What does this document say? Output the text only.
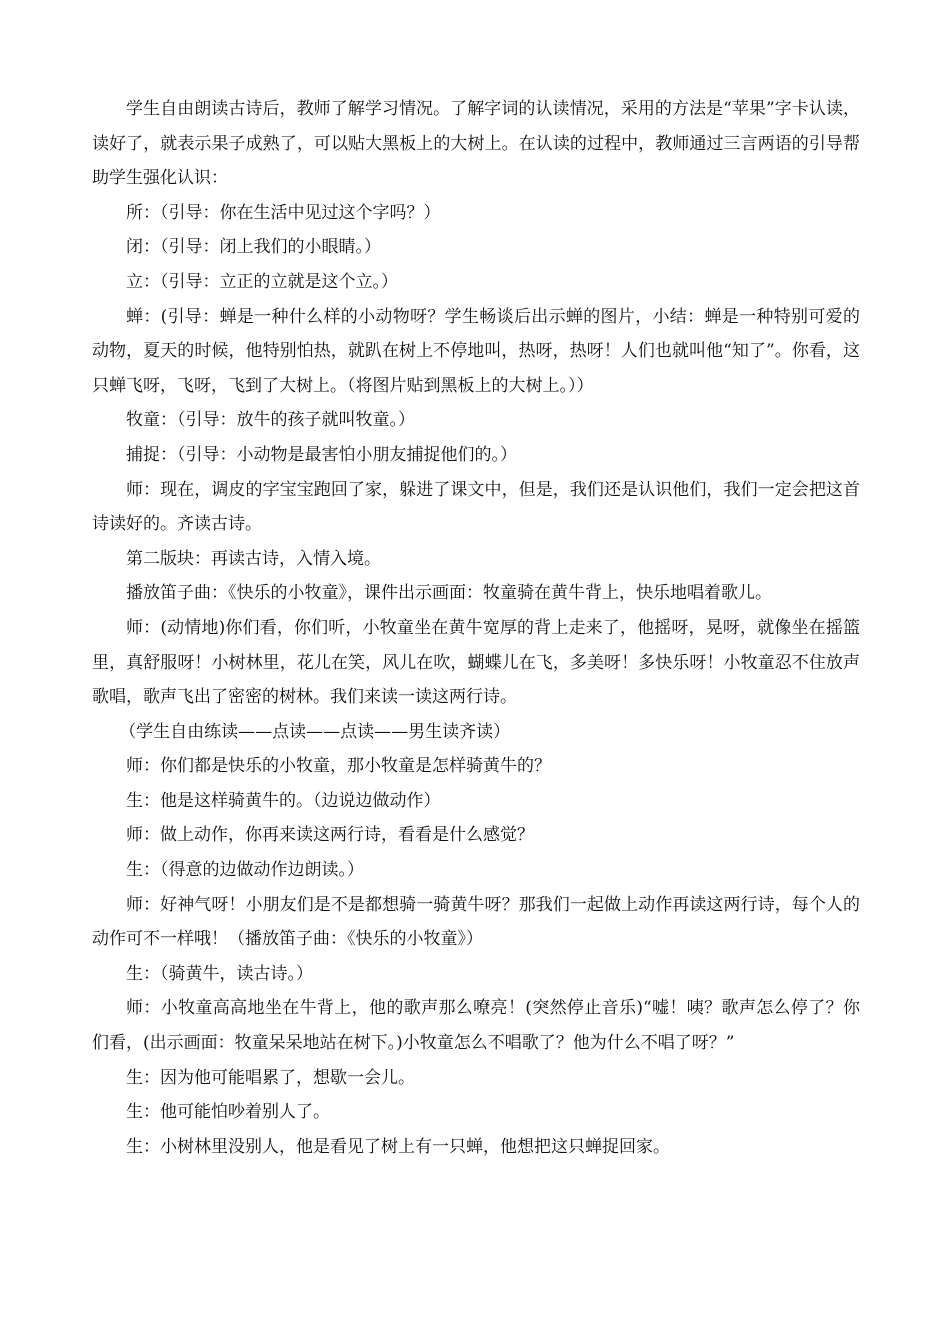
学生自由朗读古诗后，教师了解学习情况。了解字词的认读情况，采用的方法是“苹果”字卡认读，读好了，就表示果子成熟了，可以贴大黑板上的大树上。在认读的过程中，教师通过三言两语的引导帮助学生强化认识：

所：（引导：你在生活中见过这个字吗？）

闭：（引导：闭上我们的小眼睛。）

立：（引导：立正的立就是这个立。）

蝉：(引导：蝉是一种什么样的小动物呀？学生畅谈后出示蝉的图片，小结：蝉是一种特别可爱的动物，夏天的时候，他特别怕热，就趴在树上不停地叫，热呀，热呀！人们也就叫他“知了”。你看，这只蝉飞呀，飞呀，飞到了大树上。（将图片贴到黑板上的大树上。））

牧童：（引导：放牛的孩子就叫牧童。）

捕捉：（引导：小动物是最害怕小朋友捕捉他们的。）

师：现在，调皮的字宝宝跑回了家，躲进了课文中，但是，我们还是认识他们，我们一定会把这首诗读好的。齐读古诗。

第二版块：再读古诗，入情入境。

播放笛子曲：《快乐的小牧童》，课件出示画面：牧童骑在黄牛背上，快乐地唱着歌儿。

师：(动情地)你们看，你们听，小牧童坐在黄牛宽厚的背上走来了，他摇呀，晃呀，就像坐在摇篮里，真舒服呀！小树林里，花儿在笑，风儿在吹，蝴蝶儿在飞，多美呀！多快乐呀！小牧童忍不住放声歌唱，歌声飞出了密密的树林。我们来读一读这两行诗。

（学生自由练读——点读——点读——男生读齐读）

师：你们都是快乐的小牧童，那小牧童是怎样骑黄牛的？

生：他是这样骑黄牛的。（边说边做动作）

师：做上动作，你再来读这两行诗，看看是什么感觉？

生：（得意的边做动作边朗读。）

师：好神气呀！小朋友们是不是都想骑一骑黄牛呀？那我们一起做上动作再读这两行诗，每个人的动作可不一样哦！（播放笛子曲：《快乐的小牧童》）

生：（骑黄牛，读古诗。）

师：小牧童高高地坐在牛背上，他的歌声那么嘹亮！(突然停止音乐)“嘘！咦？歌声怎么停了？你们看，(出示画面：牧童呆呆地站在树下。)小牧童怎么不唱歌了？他为什么不唱了呀？”

生：因为他可能唱累了，想歇一会儿。

生：他可能怕吵着别人了。

生：小树林里没别人，他是看见了树上有一只蝉，他想把这只蝉捉回家。
